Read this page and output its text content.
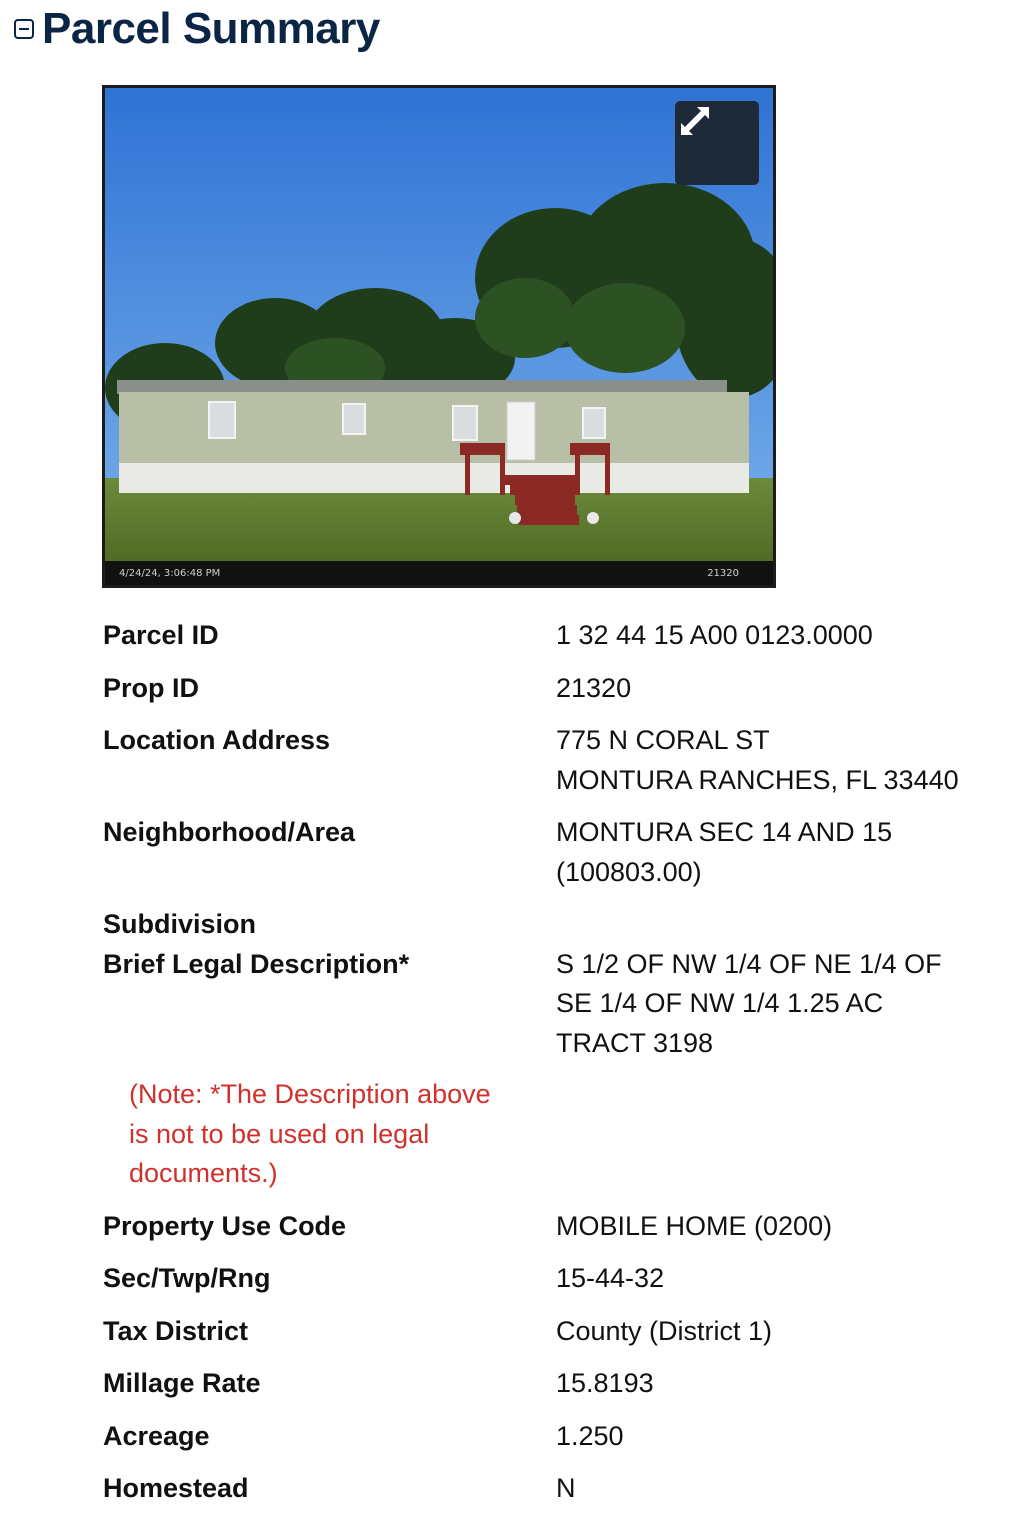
Parcel Summary
4/24/24, 3:06:48 PM	21320
Parcel ID	1 32 44 15 A00 0123.0000
Prop ID	21320
Location Address	775 N CORAL ST
MONTURA RANCHES, FL 33440
Neighborhood/Area	MONTURA SEC 14 AND 15
(100803.00)
Subdivision
Brief Legal Description*	S 1/2 OF NW 1/4 OF NE 1/4 OF
SE 1/4 OF NW 1/4 1.25 AC
TRACT 3198
(Note: *The Description above
is not to be used on legal
documents.)
Property Use Code	MOBILE HOME (0200)
Sec/Twp/Rng	15-44-32
Tax District	County (District 1)
Millage Rate	15.8193
Acreage	1.250
Homestead	N
